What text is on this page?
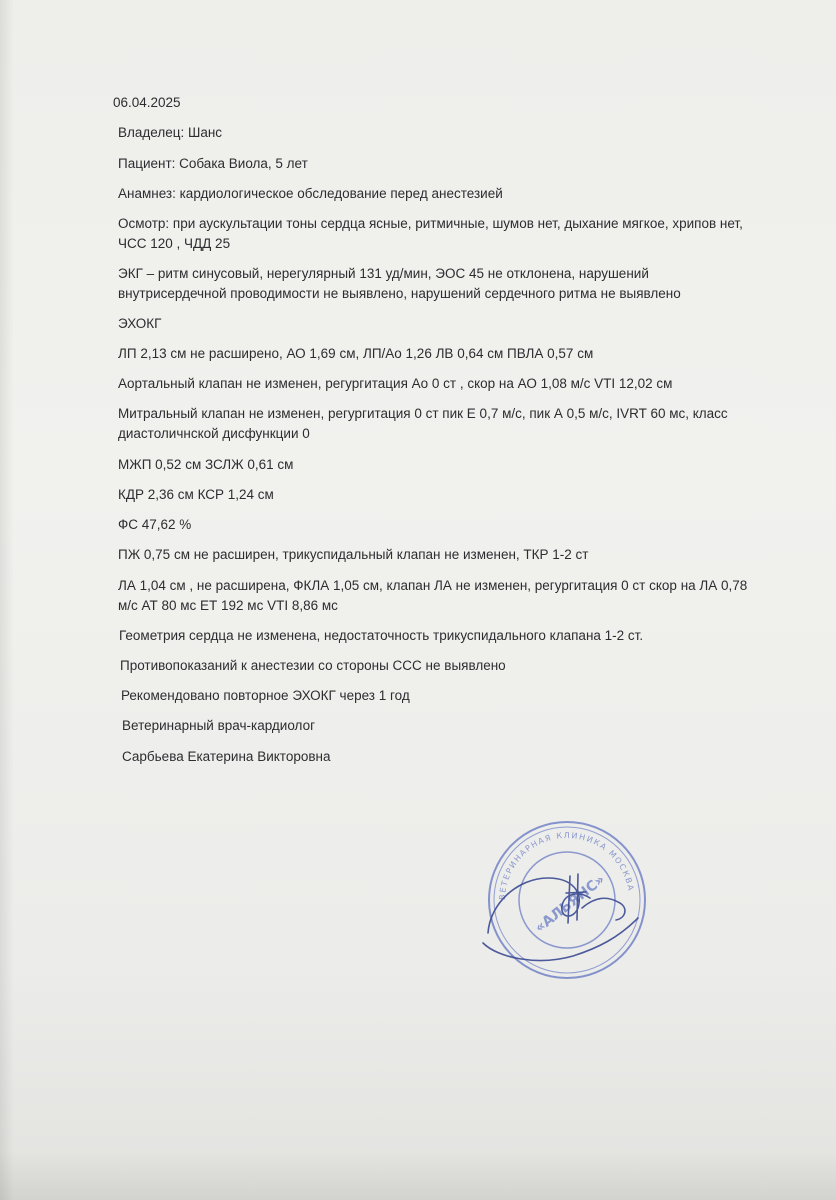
06.04.2025

Владелец: Шанс

Пациент: Собака Виола, 5 лет

Анамнез: кардиологическое обследование перед анестезией

Осмотр: при аускультации тоны сердца ясные, ритмичные, шумов нет, дыхание мягкое, хрипов нет,

ЧСС 120 , ЧДД 25

ЭКГ – ритм синусовый, нерегулярный 131 уд/мин, ЭОС 45 не отклонена, нарушений

внутрисердечной проводимости не выявлено, нарушений сердечного ритма не выявлено

ЭХОКГ

ЛП 2,13 см не расширено, АО 1,69 см, ЛП/Ао 1,26 ЛВ 0,64 см ПВЛА 0,57 см

Аортальный клапан не изменен, регургитация Ао 0 ст , скор на АО 1,08 м/с VTI 12,02 см

Митральный клапан не изменен, регургитация 0 ст пик Е 0,7 м/с, пик А 0,5 м/с, IVRT 60 мс, класс

диастоличнской дисфункции 0

МЖП 0,52 см ЗСЛЖ 0,61 см

КДР 2,36 см КСР 1,24 см

ФС 47,62 %

ПЖ 0,75 см не расширен, трикуспидальный клапан не изменен, ТКР 1-2 ст

ЛА 1,04 см , не расширена, ФКЛА 1,05 см, клапан ЛА не изменен, регургитация 0 ст скор на ЛА 0,78

м/с АТ 80 мс ЕТ 192 мс VTI 8,86 мс

Геометрия сердца не изменена, недостаточность трикуспидального клапана 1-2 ст.

Противопоказаний к анестезии со стороны ССС не выявлено

Рекомендовано повторное ЭХОКГ через 1 год

Ветеринарный врач-кардиолог

Сарбьева Екатерина Викторовна

ВЕТЕРИНАРНАЯ КЛИНИКА МОСКВА
«АЛЬЯНС»
